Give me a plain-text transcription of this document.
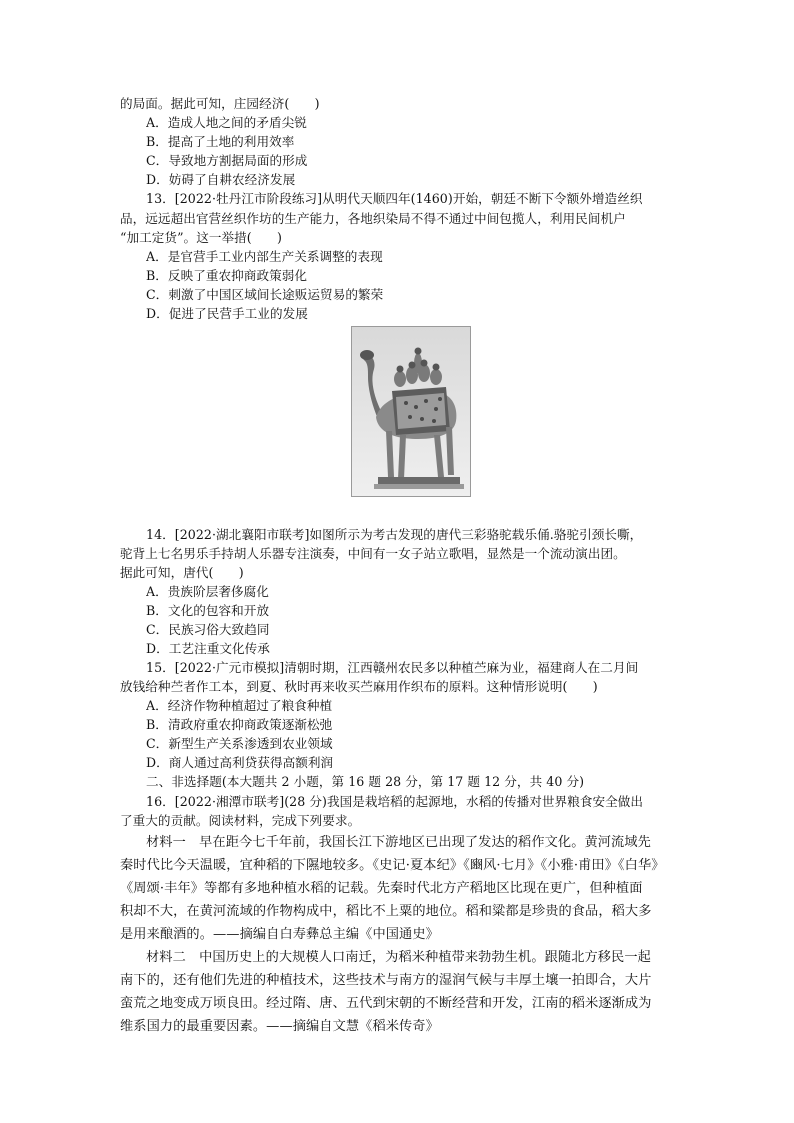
的局面。据此可知，庄园经济(　　)
A．造成人地之间的矛盾尖锐
B．提高了土地的利用效率
C．导致地方割据局面的形成
D．妨碍了自耕农经济发展
13．[2022·牡丹江市阶段练习]从明代天顺四年(1460)开始，朝廷不断下令额外增造丝织
品，远远超出官营丝织作坊的生产能力，各地织染局不得不通过中间包揽人，利用民间机户
“加工定货”。这一举措(　　)
A．是官营手工业内部生产关系调整的表现
B．反映了重农抑商政策弱化
C．刺激了中国区域间长途贩运贸易的繁荣
D．促进了民营手工业的发展
14．[2022·湖北襄阳市联考]如图所示为考古发现的唐代三彩骆驼载乐俑.骆驼引颈长嘶，
驼背上七名男乐手持胡人乐器专注演奏，中间有一女子站立歌唱，显然是一个流动演出团。
据此可知，唐代(　　)
A．贵族阶层奢侈腐化
B．文化的包容和开放
C．民族习俗大致趋同
D．工艺注重文化传承
15．[2022·广元市模拟]清朝时期，江西赣州农民多以种植苎麻为业，福建商人在二月间
放钱给种苎者作工本，到夏、秋时再来收买苎麻用作织布的原料。这种情形说明(　　)
A．经济作物种植超过了粮食种植
B．清政府重农抑商政策逐渐松弛
C．新型生产关系渗透到农业领域
D．商人通过高利贷获得高额利润
二、非选择题(本大题共 2 小题，第 16 题 28 分，第 17 题 12 分，共 40 分)
16．[2022·湘潭市联考](28 分)我国是栽培稻的起源地，水稻的传播对世界粮食安全做出
了重大的贡献。阅读材料，完成下列要求。
材料一　早在距今七千年前，我国长江下游地区已出现了发达的稻作文化。黄河流域先
秦时代比今天温暖，宜种稻的下隰地较多。《史记·夏本纪》《豳风·七月》《小雅·甫田》《白华》
《周颂·丰年》等都有多地种植水稻的记载。先秦时代北方产稻地区比现在更广，但种植面
积却不大，在黄河流域的作物构成中，稻比不上粟的地位。稻和粱都是珍贵的食品，稻大多
是用来酿酒的。——摘编自白寿彝总主编《中国通史》
材料二　中国历史上的大规模人口南迁，为稻米种植带来勃勃生机。跟随北方移民一起
南下的，还有他们先进的种植技术，这些技术与南方的湿润气候与丰厚土壤一拍即合，大片
蛮荒之地变成万顷良田。经过隋、唐、五代到宋朝的不断经营和开发，江南的稻米逐渐成为
维系国力的最重要因素。——摘编自文慧《稻米传奇》
